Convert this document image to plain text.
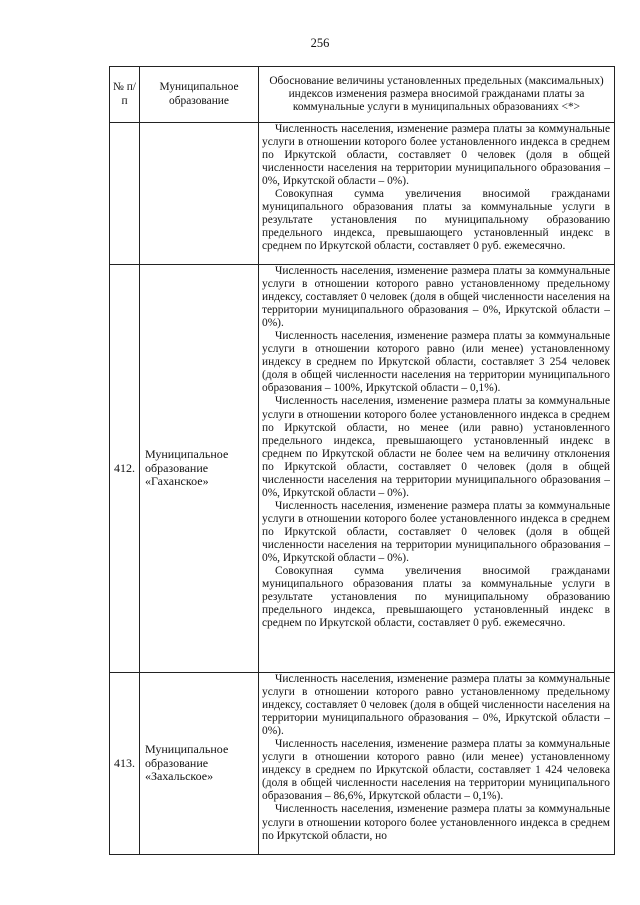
256
№ п/п	Муниципальное образование	Обоснование величины установленных предельных (максимальных) индексов изменения размера вносимой гражданами платы за коммунальные услуги в муниципальных образованиях <*>

		Численность населения, изменение размера платы за коммунальные услуги в отношении которого более установленного индекса в среднем по Иркутской области, составляет 0 человек (доля в общей численности населения на территории муниципального образования – 0%, Иркутской области – 0%).

Совокупная сумма увеличения вносимой гражданами муниципального образования платы за коммунальные услуги в результате установления по муниципальному образованию предельного индекса, превышающего установленный индекс в среднем по Иркутской области, составляет 0 руб. ежемесячно.

412.	Муниципальное образование «Гаханское»	Численность населения, изменение размера платы за коммунальные услуги в отношении которого равно установленному предельному индексу, составляет 0 человек (доля в общей численности населения на территории муниципального образования – 0%, Иркутской области – 0%).

Численность населения, изменение размера платы за коммунальные услуги в отношении которого равно (или менее) установленному индексу в среднем по Иркутской области, составляет 3 254 человек (доля в общей численности населения на территории муниципального образования – 100%, Иркутской области – 0,1%).

Численность населения, изменение размера платы за коммунальные услуги в отношении которого более установленного индекса в среднем по Иркутской области, но менее (или равно) установленного предельного индекса, превышающего установленный индекс в среднем по Иркутской области не более чем на величину отклонения по Иркутской области, составляет 0 человек (доля в общей численности населения на территории муниципального образования – 0%, Иркутской области – 0%).

Численность населения, изменение размера платы за коммунальные услуги в отношении которого более установленного индекса в среднем по Иркутской области, составляет 0 человек (доля в общей численности населения на территории муниципального образования – 0%, Иркутской области – 0%).

Совокупная сумма увеличения вносимой гражданами муниципального образования платы за коммунальные услуги в результате установления по муниципальному образованию предельного индекса, превышающего установленный индекс в среднем по Иркутской области, составляет 0 руб. ежемесячно.

413.	Муниципальное образование «Захальское»	Численность населения, изменение размера платы за коммунальные услуги в отношении которого равно установленному предельному индексу, составляет 0 человек (доля в общей численности населения на территории муниципального образования – 0%, Иркутской области – 0%).

Численность населения, изменение размера платы за коммунальные услуги в отношении которого равно (или менее) установленному индексу в среднем по Иркутской области, составляет 1 424 человека (доля в общей численности населения на территории муниципального образования – 86,6%, Иркутской области – 0,1%).

Численность населения, изменение размера платы за коммунальные услуги в отношении которого более установленного индекса в среднем по Иркутской области, но
